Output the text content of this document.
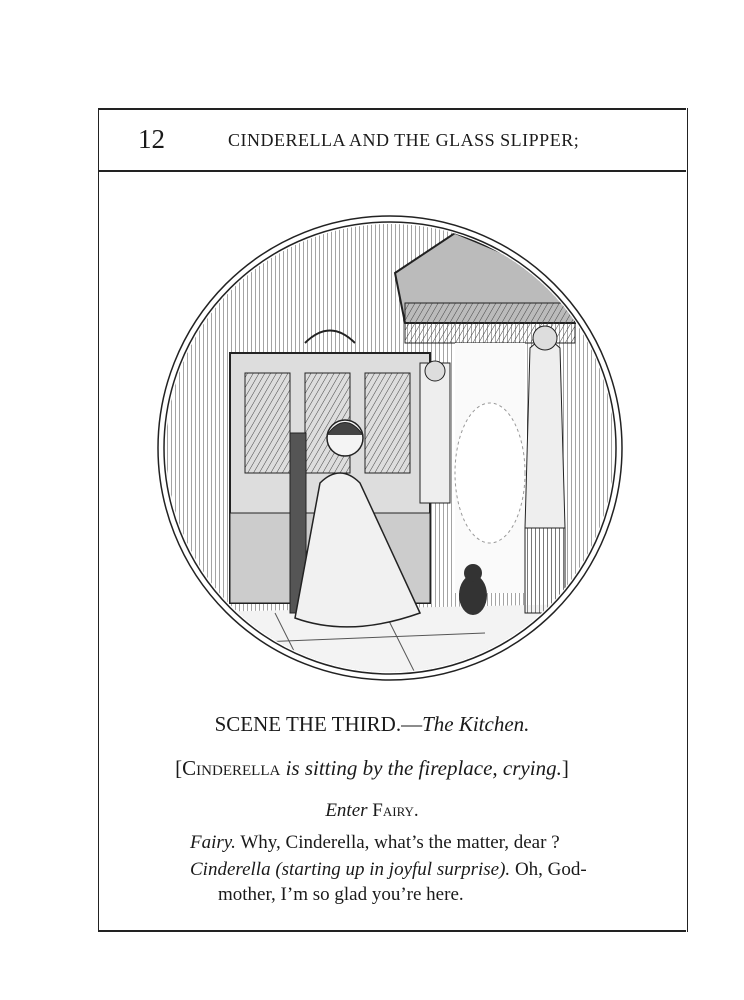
12	CINDERELLA AND THE GLASS SLIPPER;
SCENE THE THIRD.—The Kitchen.
[Cinderella is sitting by the fireplace, crying.]
Enter Fairy.
Fairy. Why, Cinderella, what’s the matter, dear ?
Cinderella (starting up in joyful surprise). Oh, God-
mother, I’m so glad you’re here.
